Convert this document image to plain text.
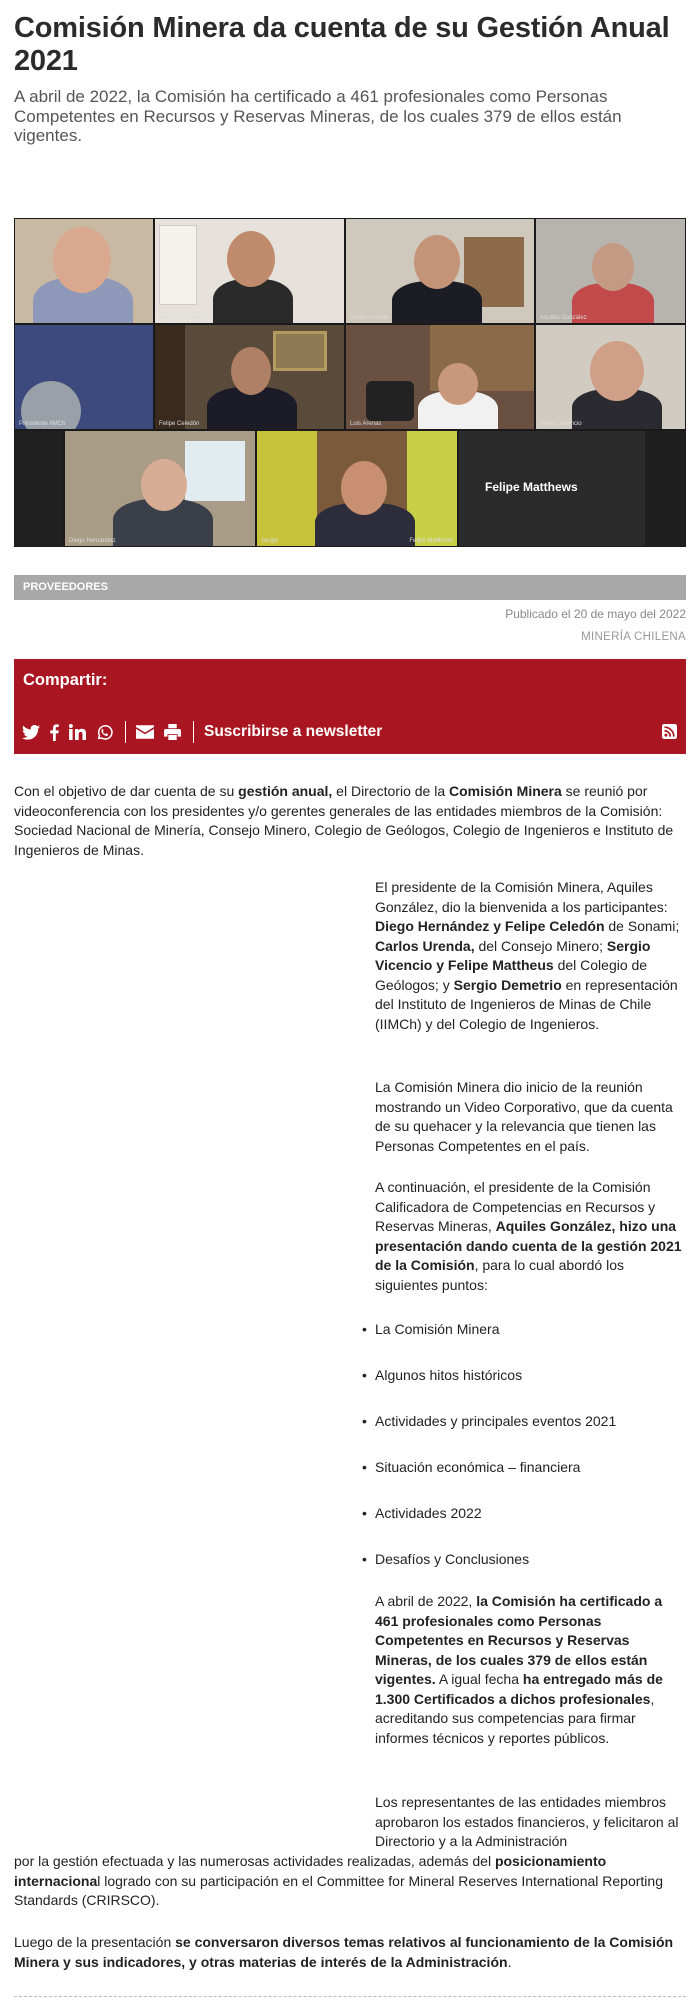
Comisión Minera da cuenta de su Gestión Anual 2021

A abril de 2022, la Comisión ha certificado a 461 profesionales como Personas Competentes en Recursos y Reservas Mineras, de los cuales 379 de ellos están vigentes.

Diego Hernández	Carlos Urenda	Aquiles González
Presidente IIMCh	Felipe Celedón	Luis Arenas	Sergio Vicencio
Diego Hernández	Sergio	Felipe Matthews
Felipe Matthews
PROVEEDORES
Publicado el 20 de mayo del 2022
MINERÍA CHILENA
Compartir:
Suscribirse a newsletter

Con el objetivo de dar cuenta de su gestión anual, el Directorio de la Comisión Minera se reunió por videoconferencia con los presidentes y/o gerentes generales de las entidades miembros de la Comisión: Sociedad Nacional de Minería, Consejo Minero, Colegio de Geólogos, Colegio de Ingenieros e Instituto de Ingenieros de Minas.

El presidente de la Comisión Minera, Aquiles González, dio la bienvenida a los participantes: Diego Hernández y Felipe Celedón de Sonami; Carlos Urenda, del Consejo Minero; Sergio Vicencio y Felipe Mattheus del Colegio de Geólogos; y Sergio Demetrio en representación del Instituto de Ingenieros de Minas de Chile (IIMCh) y del Colegio de Ingenieros.

La Comisión Minera dio inicio de la reunión mostrando un Video Corporativo, que da cuenta de su quehacer y la relevancia que tienen las Personas Competentes en el país.

A continuación, el presidente de la Comisión Calificadora de Competencias en Recursos y Reservas Mineras, Aquiles González, hizo una presentación dando cuenta de la gestión 2021 de la Comisión, para lo cual abordó los siguientes puntos:

• La Comisión Minera
• Algunos hitos históricos
• Actividades y principales eventos 2021
• Situación económica – financiera
• Actividades 2022
• Desafíos y Conclusiones

A abril de 2022, la Comisión ha certificado a 461 profesionales como Personas Competentes en Recursos y Reservas Mineras, de los cuales 379 de ellos están vigentes. A igual fecha ha entregado más de 1.300 Certificados a dichos profesionales, acreditando sus competencias para firmar informes técnicos y reportes públicos.

Los representantes de las entidades miembros aprobaron los estados financieros, y felicitaron al Directorio y a la Administración

por la gestión efectuada y las numerosas actividades realizadas, además del posicionamiento internacional logrado con su participación en el Committee for Mineral Reserves International Reporting Standards (CRIRSCO).

Luego de la presentación se conversaron diversos temas relativos al funcionamiento de la Comisión Minera y sus indicadores, y otras materias de interés de la Administración.
